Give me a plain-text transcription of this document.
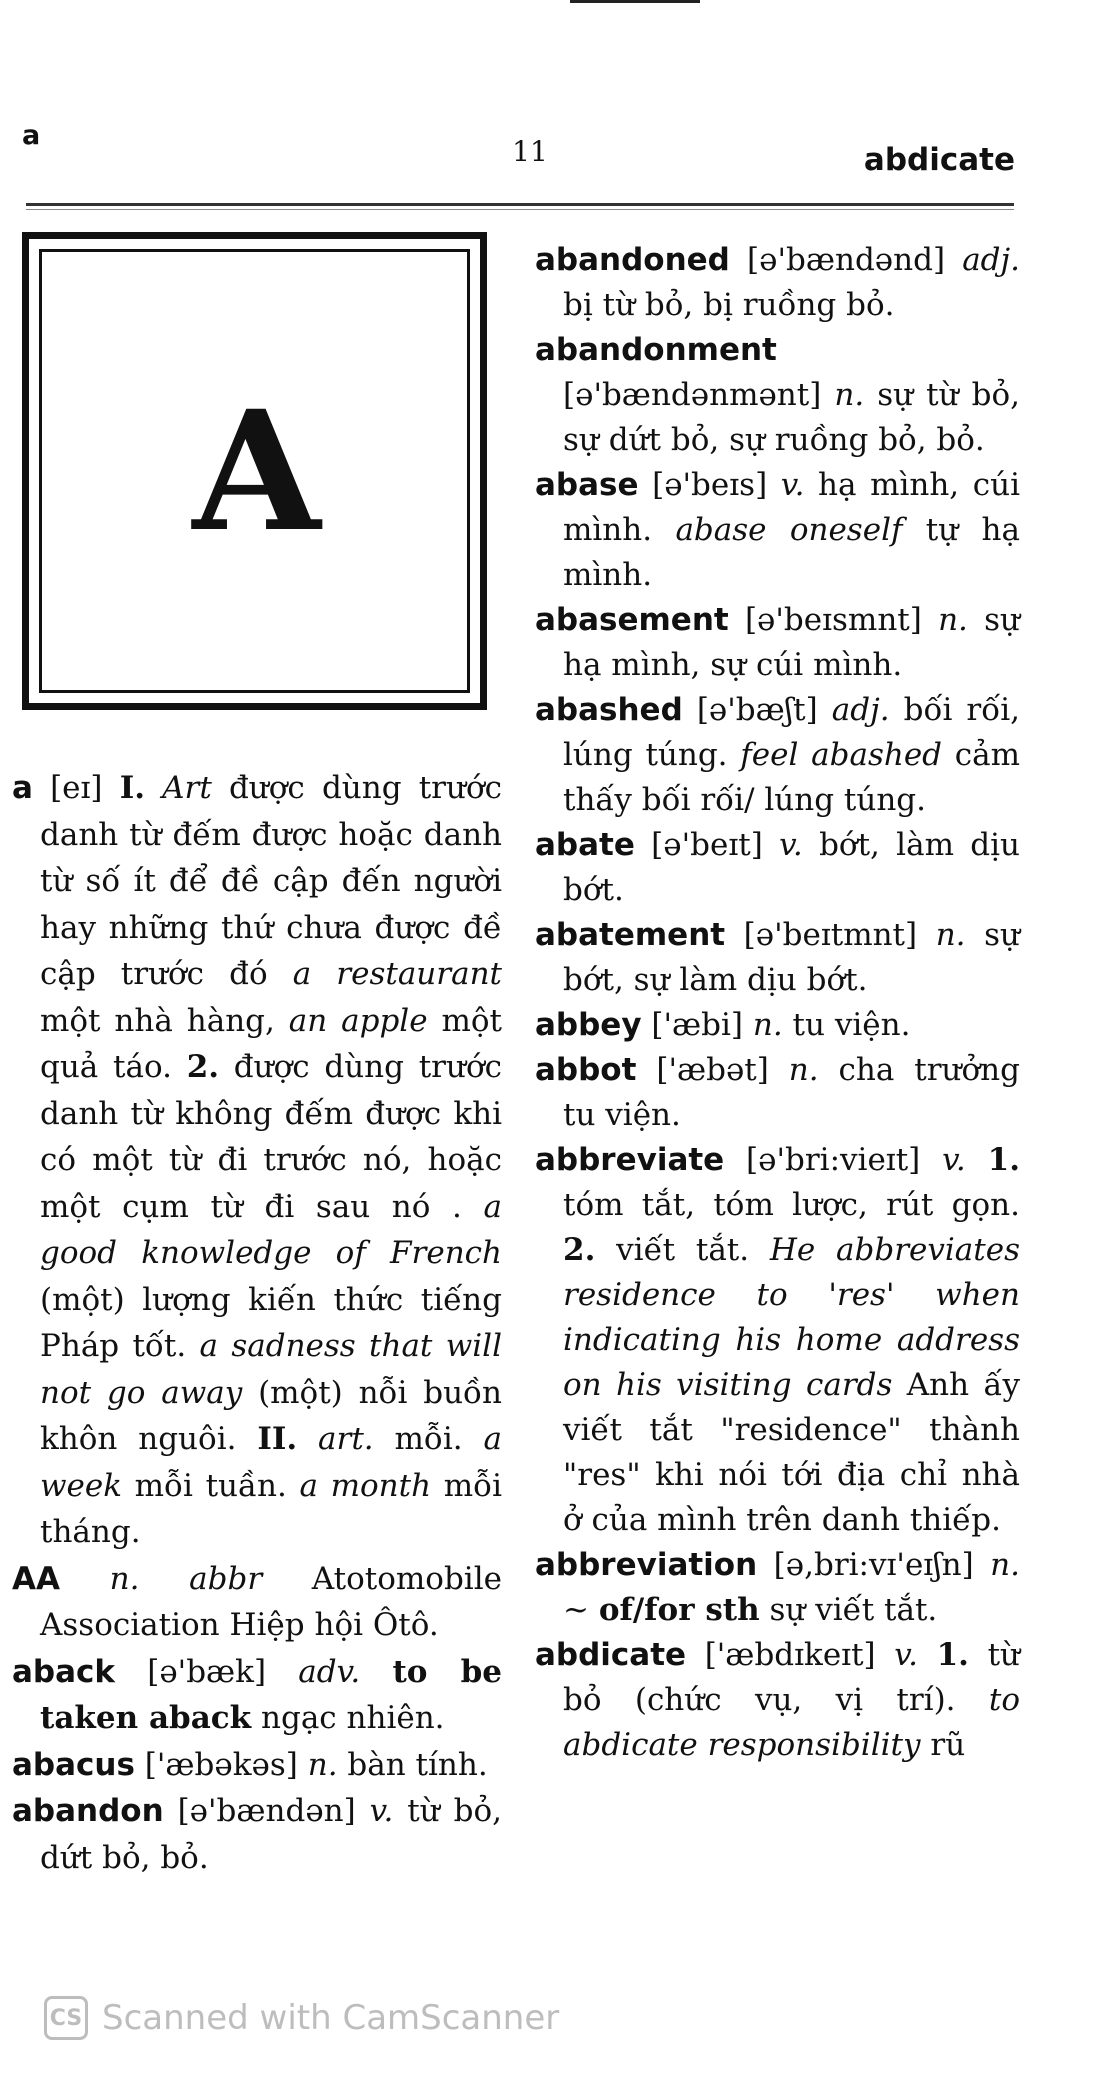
a	11	abdicate
A

a [eɪ] I. Art được dùng trước danh từ đếm được hoặc danh từ số ít để đề cập đến người hay những thứ chưa được đề cập trước đó a restaurant một nhà hàng, an apple một quả táo. 2. được dùng trước danh từ không đếm được khi có một từ đi trước nó, hoặc một cụm từ đi sau nó . a good knowledge of French (một) lượng kiến thức tiếng Pháp tốt. a sadness that will not go away (một) nỗi buồn khôn nguôi. II. art. mỗi. a week mỗi tuần. a month mỗi tháng.

AA n. abbr Atotomobile Association Hiệp hội Ôtô.

aback [ə'bæk] adv. to be taken aback ngạc nhiên.

abacus ['æbəkəs] n. bàn tính.

abandon [ə'bændən] v. từ bỏ, dứt bỏ, bỏ.

abandoned [ə'bændənd] adj. bị từ bỏ, bị ruồng bỏ.

abandonment [ə'bændənmənt] n. sự từ bỏ, sự dứt bỏ, sự ruồng bỏ, bỏ.

abase [ə'beɪs] v. hạ mình, cúi mình. abase oneself tự hạ mình.

abasement [ə'beɪsmnt] n. sự hạ mình, sự cúi mình.

abashed [ə'bæʃt] adj. bối rối, lúng túng. feel abashed cảm thấy bối rối/ lúng túng.

abate [ə'beɪt] v. bớt, làm dịu bớt.

abatement [ə'beɪtmnt] n. sự bớt, sự làm dịu bớt.

abbey ['æbi] n. tu viện.

abbot ['æbət] n. cha trưởng tu viện.

abbreviate [ə'bri:vieɪt] v. 1. tóm tắt, tóm lược, rút gọn. 2. viết tắt. He abbreviates residence to 'res' when indicating his home address on his visiting cards Anh ấy viết tắt "residence" thành "res" khi nói tới địa chỉ nhà ở của mình trên danh thiếp.

abbreviation [ə,bri:vɪ'eɪʃn] n. ~ of/for sth sự viết tắt.

abdicate ['æbdɪkeɪt] v. 1. từ bỏ (chức vụ, vị trí). to abdicate responsibility rũ

CS Scanned with CamScanner
